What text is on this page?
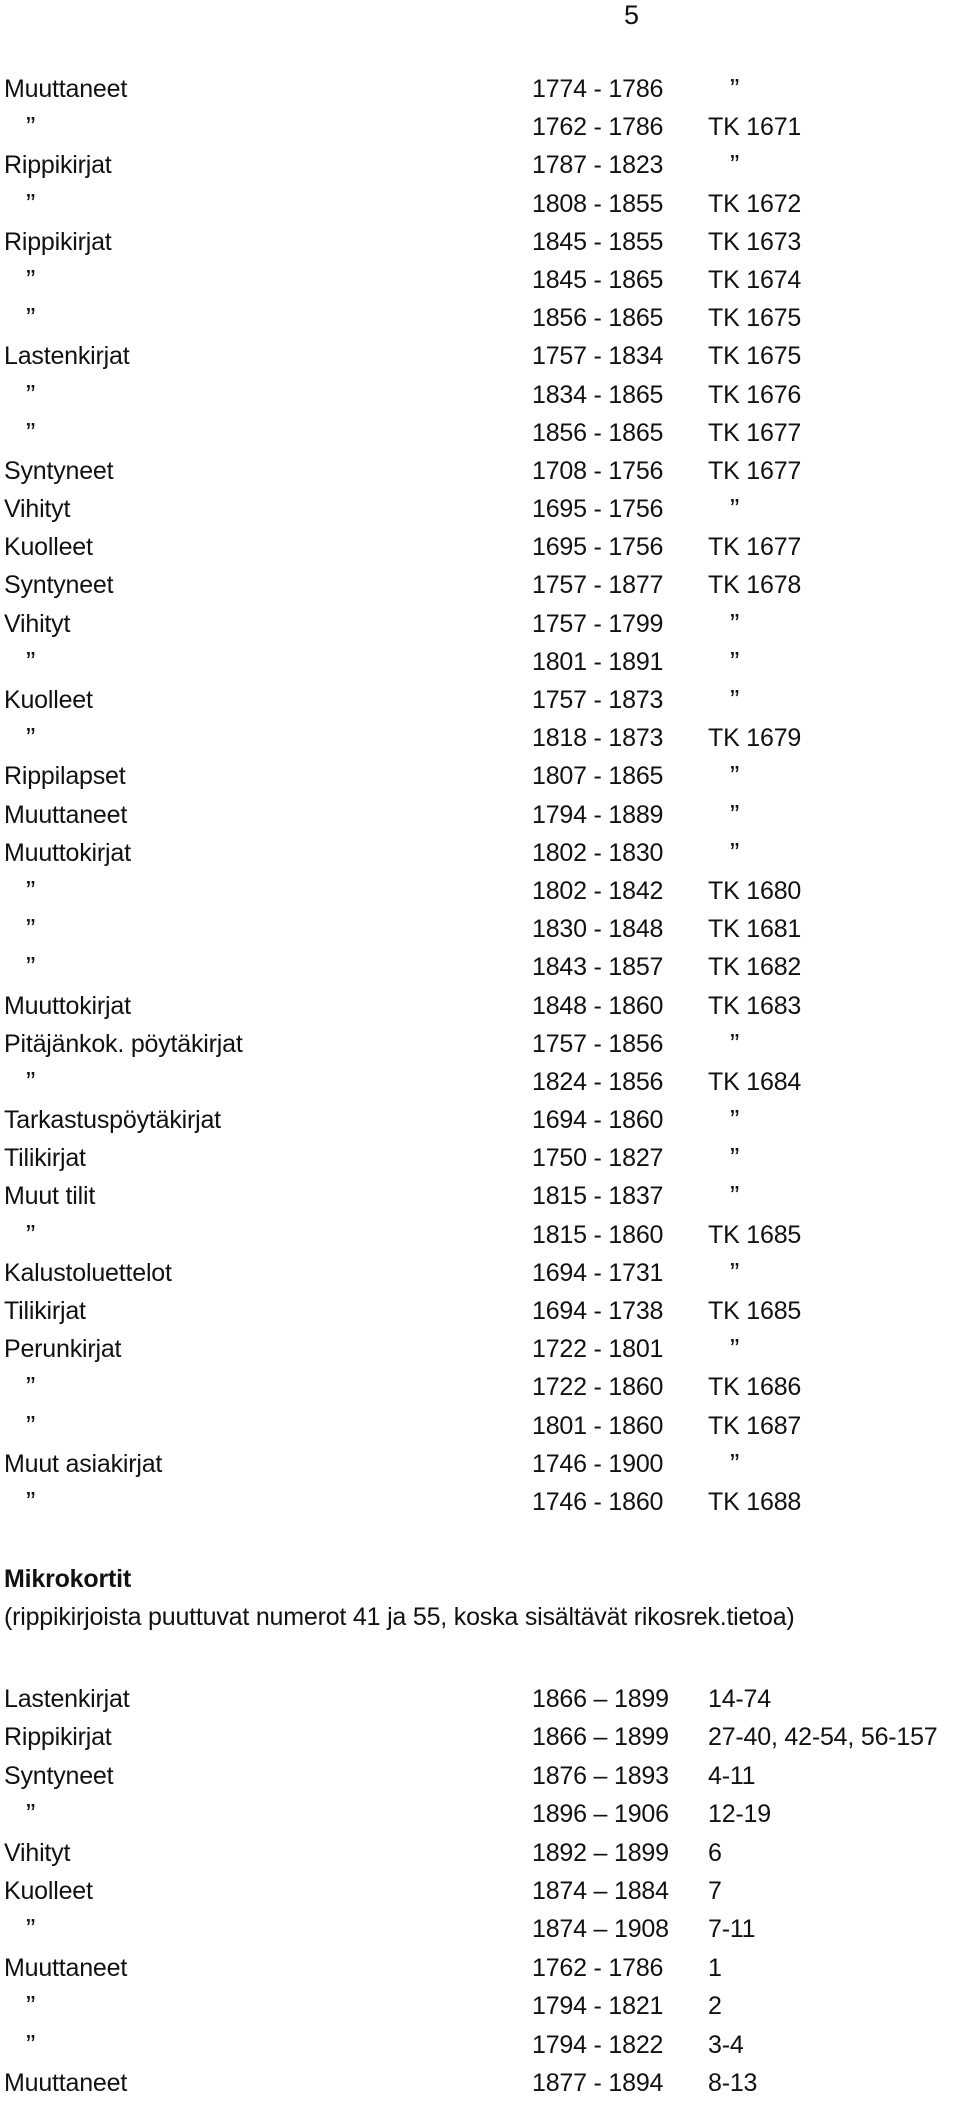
5
Muuttaneet	1774 - 1786	”
”	1762 - 1786 TK 1671
Rippikirjat	1787 - 1823	”
”	1808 - 1855 TK 1672
Rippikirjat	1845 - 1855 TK 1673
”	1845 - 1865 TK 1674
”	1856 - 1865 TK 1675
Lastenkirjat	1757 - 1834 TK 1675
”	1834 - 1865 TK 1676
”	1856 - 1865 TK 1677
Syntyneet	1708 - 1756 TK 1677
Vihityt	1695 - 1756	”
Kuolleet	1695 - 1756 TK 1677
Syntyneet	1757 - 1877 TK 1678
Vihityt	1757 - 1799	”
”	1801 - 1891	”
Kuolleet	1757 - 1873	”
”	1818 - 1873 TK 1679
Rippilapset	1807 - 1865	”
Muuttaneet	1794 - 1889	”
Muuttokirjat	1802 - 1830	”
”	1802 - 1842 TK 1680
”	1830 - 1848 TK 1681
”	1843 - 1857 TK 1682
Muuttokirjat	1848 - 1860 TK 1683
Pitäjänkok. pöytäkirjat	1757 - 1856	”
”	1824 - 1856 TK 1684
Tarkastuspöytäkirjat	1694 - 1860	”
Tilikirjat	1750 - 1827	”
Muut tilit	1815 - 1837	”
”	1815 - 1860 TK 1685
Kalustoluettelot	1694 - 1731	”
Tilikirjat	1694 - 1738 TK 1685
Perunkirjat	1722 - 1801	”
”	1722 - 1860 TK 1686
”	1801 - 1860 TK 1687
Muut asiakirjat	1746 - 1900	”
”	1746 - 1860 TK 1688
Mikrokortit
(rippikirjoista puuttuvat numerot 41 ja 55, koska sisältävät rikosrek.tietoa)
Lastenkirjat	1866 – 1899 14-74
Rippikirjat	1866 – 1899 27-40, 42-54, 56-157
Syntyneet	1876 – 1893 4-11
”	1896 – 1906 12-19
Vihityt	1892 – 1899 6
Kuolleet	1874 – 1884 7
”	1874 – 1908 7-11
Muuttaneet	1762 - 1786 1
”	1794 - 1821 2
”	1794 - 1822 3-4
Muuttaneet	1877 - 1894 8-13
